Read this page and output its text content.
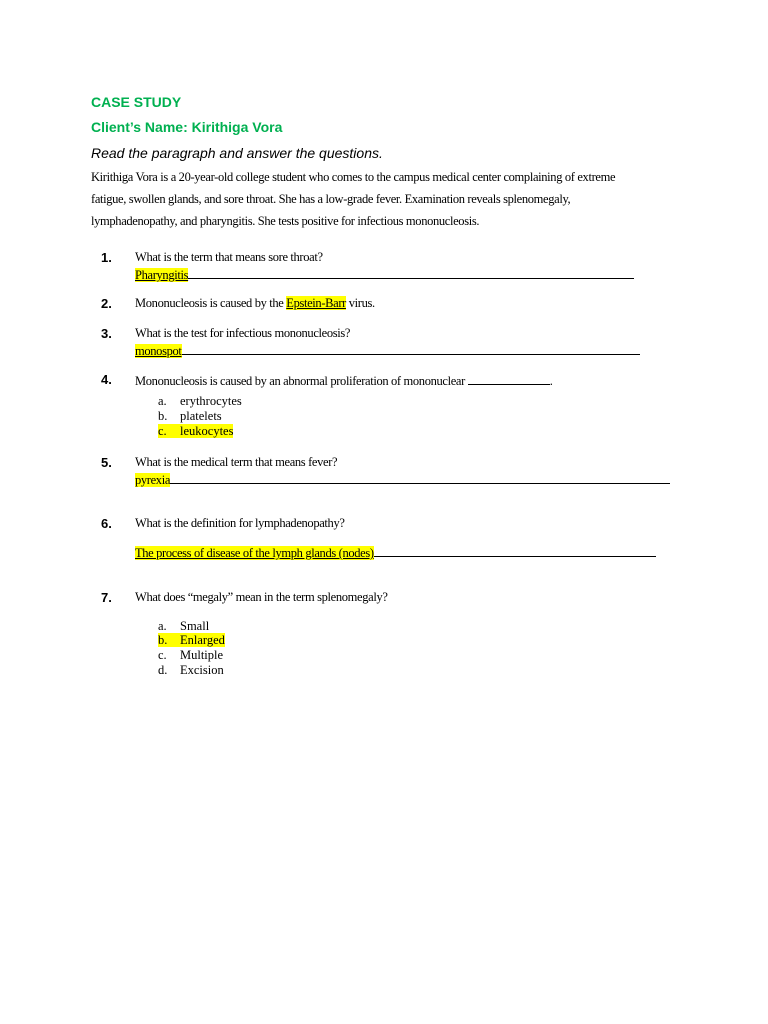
CASE STUDY
Client’s Name: Kirithiga Vora
Read the paragraph and answer the questions.
Kirithiga Vora is a 20-year-old college student who comes to the campus medical center complaining of extreme
fatigue, swollen glands, and sore throat. She has a low-grade fever. Examination reveals splenomegaly,
lymphadenopathy, and pharyngitis. She tests positive for infectious mononucleosis.
1. What is the term that means sore throat?
Pharyngitis
2. Mononucleosis is caused by the Epstein-Barr virus.
3. What is the test for infectious mononucleosis?
monospot
4. Mononucleosis is caused by an abnormal proliferation of mononuclear	.
a. erythrocytes
b. platelets
c. leukocytes
5. What is the medical term that means fever?
pyrexia
6. What is the definition for lymphadenopathy?
The process of disease of the lymph glands (nodes)
7. What does “megaly” mean in the term splenomegaly?
a. Small
b. Enlarged
c. Multiple
d. Excision
